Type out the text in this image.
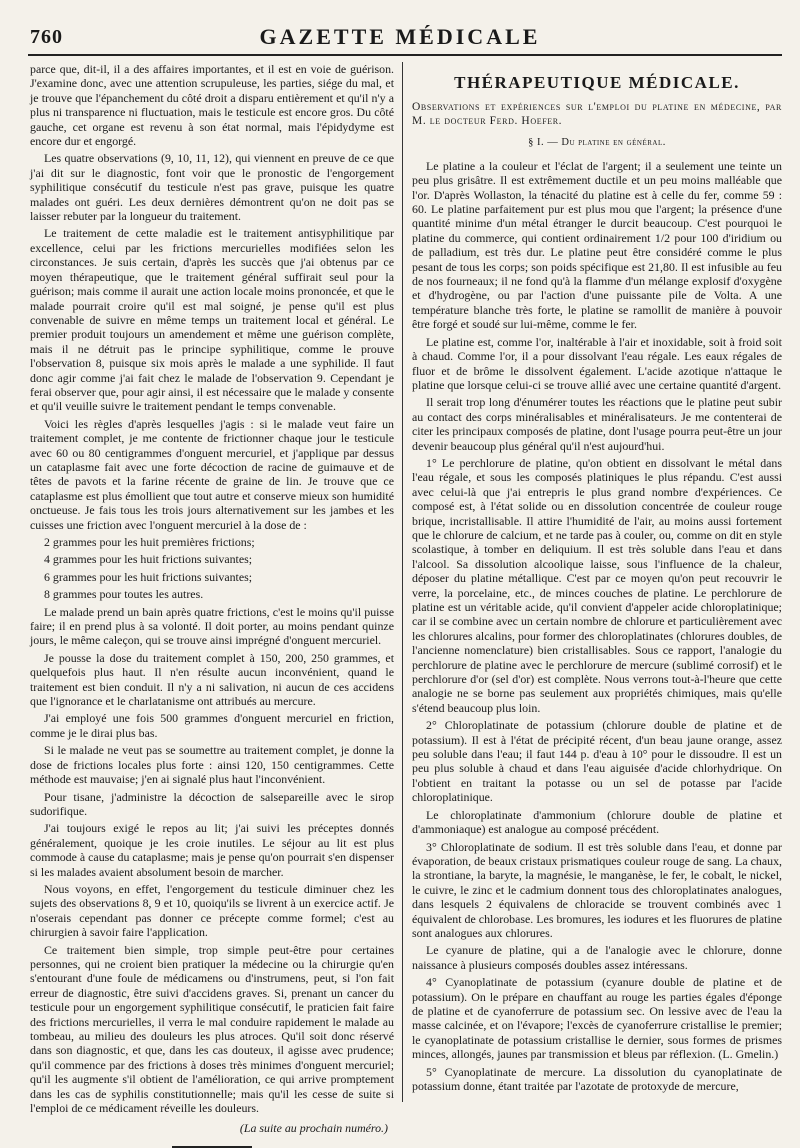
760	GAZETTE MÉDICALE

parce que, dit-il, il a des affaires importantes, et il est en voie de guérison. J'examine donc, avec une attention scrupuleuse, les parties, siége du mal, et je trouve que l'épanchement du côté droit a disparu entièrement et qu'il n'y a plus ni transparence ni fluctuation, mais le testicule est encore gros. Du côté gauche, cet organe est revenu à son état normal, mais l'épidydyme est encore dur et engorgé.

Les quatre observations (9, 10, 11, 12), qui viennent en preuve de ce que j'ai dit sur le diagnostic, font voir que le pronostic de l'engorgement syphilitique consécutif du testicule n'est pas grave, puisque les quatre malades ont guéri. Les deux dernières démontrent qu'on ne doit pas se laisser rebuter par la longueur du traitement.

Le traitement de cette maladie est le traitement antisyphilitique par excellence, celui par les frictions mercurielles modifiées selon les circonstances. Je suis certain, d'après les succès que j'ai obtenus par ce moyen thérapeutique, que le traitement général suffirait seul pour la guérison; mais comme il aurait une action locale moins prononcée, et que le malade pourrait croire qu'il est mal soigné, je pense qu'il est plus convenable de suivre en même temps un traitement local et général. Le premier produit toujours un amendement et même une guérison complète, mais il ne détruit pas le principe syphilitique, comme le prouve l'observation 8, puisque six mois après le malade a une syphilide. Il faut donc agir comme j'ai fait chez le malade de l'observation 9. Cependant je ferai observer que, pour agir ainsi, il est nécessaire que le malade y consente et qu'il veuille suivre le traitement pendant le temps convenable.

Voici les règles d'après lesquelles j'agis : si le malade veut faire un traitement complet, je me contente de frictionner chaque jour le testicule avec 60 ou 80 centigrammes d'onguent mercuriel, et j'applique par dessus un cataplasme fait avec une forte décoction de racine de guimauve et de têtes de pavots et la farine récente de graine de lin. Je trouve que ce cataplasme est plus émollient que tout autre et conserve mieux son humidité onctueuse. Je fais tous les trois jours alternativement sur les jambes et les cuisses une friction avec l'onguent mercuriel à la dose de :

2 grammes pour les huit premières frictions;

4 grammes pour les huit frictions suivantes;

6 grammes pour les huit frictions suivantes;

8 grammes pour toutes les autres.

Le malade prend un bain après quatre frictions, c'est le moins qu'il puisse faire; il en prend plus à sa volonté. Il doit porter, au moins pendant quinze jours, le même caleçon, qui se trouve ainsi imprégné d'onguent mercuriel.

Je pousse la dose du traitement complet à 150, 200, 250 grammes, et quelquefois plus haut. Il n'en résulte aucun inconvénient, quand le traitement est bien conduit. Il n'y a ni salivation, ni aucun de ces accidens que l'ignorance et le charlatanisme ont attribués au mercure.

J'ai employé une fois 500 grammes d'onguent mercuriel en friction, comme je le dirai plus bas.

Si le malade ne veut pas se soumettre au traitement complet, je donne la dose de frictions locales plus forte : ainsi 120, 150 centigrammes. Cette méthode est mauvaise; j'en ai signalé plus haut l'inconvénient.

Pour tisane, j'administre la décoction de salsepareille avec le sirop sudorifique.

J'ai toujours exigé le repos au lit; j'ai suivi les préceptes donnés généralement, quoique je les croie inutiles. Le séjour au lit est plus commode à cause du cataplasme; mais je pense qu'on pourrait s'en dispenser si les malades avaient absolument besoin de marcher.

Nous voyons, en effet, l'engorgement du testicule diminuer chez les sujets des observations 8, 9 et 10, quoiqu'ils se livrent à un exercice actif. Je n'oserais cependant pas donner ce précepte comme formel; c'est au chirurgien à savoir faire l'application.

Ce traitement bien simple, trop simple peut-être pour certaines personnes, qui ne croient bien pratiquer la médecine ou la chirurgie qu'en s'entourant d'une foule de médicamens ou d'instrumens, peut, si l'on fait erreur de diagnostic, être suivi d'accidens graves. Si, prenant un cancer du testicule pour un engorgement syphilitique consécutif, le praticien fait faire des frictions mercurielles, il verra le mal conduire rapidement le malade au tombeau, au milieu des douleurs les plus atroces. Qu'il soit donc réservé dans son diagnostic, et que, dans les cas douteux, il agisse avec prudence; qu'il commence par des frictions à doses très minimes d'onguent mercuriel; qu'il les augmente s'il obtient de l'amélioration, ce qui arrive promptement dans les cas de syphilis constitutionnelle; mais qu'il les cesse de suite si l'emploi de ce médicament réveille les douleurs.

(La suite au prochain numéro.)
THÉRAPEUTIQUE MÉDICALE.
Observations et expériences sur l'emploi du platine en médecine, par M. le docteur Ferd. Hoefer.
§ I. — Du platine en général.

Le platine a la couleur et l'éclat de l'argent; il a seulement une teinte un peu plus grisâtre. Il est extrêmement ductile et un peu moins malléable que l'or. D'après Wollaston, la ténacité du platine est à celle du fer, comme 59 : 60. Le platine parfaitement pur est plus mou que l'argent; la présence d'une quantité minime d'un métal étranger le durcit beaucoup. C'est pourquoi le platine du commerce, qui contient ordinairement 1/2 pour 100 d'iridium ou de palladium, est très dur. Le platine peut être considéré comme le plus pesant de tous les corps; son poids spécifique est 21,80. Il est infusible au feu de nos fourneaux; il ne fond qu'à la flamme d'un mélange explosif d'oxygène et d'hydrogène, ou par l'action d'une puissante pile de Volta. A une température blanche très forte, le platine se ramollit de manière à pouvoir être forgé et soudé sur lui-même, comme le fer.

Le platine est, comme l'or, inaltérable à l'air et inoxidable, soit à froid soit à chaud. Comme l'or, il a pour dissolvant l'eau régale. Les eaux régales de fluor et de brôme le dissolvent également. L'acide azotique n'attaque le platine que lorsque celui-ci se trouve allié avec une certaine quantité d'argent.

Il serait trop long d'énumérer toutes les réactions que le platine peut subir au contact des corps minéralisables et minéralisateurs. Je me contenterai de citer les principaux composés de platine, dont l'usage pourra peut-être un jour devenir beaucoup plus général qu'il n'est aujourd'hui.

1° Le perchlorure de platine, qu'on obtient en dissolvant le métal dans l'eau régale, et sous les composés platiniques le plus répandu. C'est aussi avec celui-là que j'ai entrepris le plus grand nombre d'expériences. Ce composé est, à l'état solide ou en dissolution concentrée de couleur rouge brique, incristallisable. Il attire l'humidité de l'air, au moins aussi fortement que le chlorure de calcium, et ne tarde pas à couler, ou, comme on dit en style scolastique, à tomber en deliquium. Il est très soluble dans l'eau et dans l'alcool. Sa dissolution alcoolique laisse, sous l'influence de la chaleur, déposer du platine métallique. C'est par ce moyen qu'on peut recouvrir le verre, la porcelaine, etc., de minces couches de platine. Le perchlorure de platine est un véritable acide, qu'il convient d'appeler acide chloroplatinique; car il se combine avec un certain nombre de chlorure et particulièrement avec les chlorures alcalins, pour former des chloroplatinates (chlorures doubles, de l'ancienne nomenclature) bien cristallisables. Sous ce rapport, l'analogie du perchlorure de platine avec le perchlorure de mercure (sublimé corrosif) et le perchlorure d'or (sel d'or) est complète. Nous verrons tout-à-l'heure que cette analogie ne se borne pas seulement aux propriétés chimiques, mais qu'elle s'étend beaucoup plus loin.

2° Chloroplatinate de potassium (chlorure double de platine et de potassium). Il est à l'état de précipité récent, d'un beau jaune orange, assez peu soluble dans l'eau; il faut 144 p. d'eau à 10° pour le dissoudre. Il est un peu plus soluble à chaud et dans l'eau aiguisée d'acide chlorhydrique. On l'obtient en traitant la potasse ou un sel de potasse par l'acide chloroplatinique.

Le chloroplatinate d'ammonium (chlorure double de platine et d'ammoniaque) est analogue au composé précédent.

3° Chloroplatinate de sodium. Il est très soluble dans l'eau, et donne par évaporation, de beaux cristaux prismatiques couleur rouge de sang. La chaux, la strontiane, la baryte, la magnésie, le manganèse, le fer, le cobalt, le nickel, le cuivre, le zinc et le cadmium donnent tous des chloroplatinates analogues, dans lesquels 2 équivalens de chloracide se trouvent combinés avec 1 équivalent de chlorobase. Les bromures, les iodures et les fluorures de platine sont analogues aux chlorures.

Le cyanure de platine, qui a de l'analogie avec le chlorure, donne naissance à plusieurs composés doubles assez intéressans.

4° Cyanoplatinate de potassium (cyanure double de platine et de potassium). On le prépare en chauffant au rouge les parties égales d'éponge de platine et de cyanoferrure de potassium sec. On lessive avec de l'eau la masse calcinée, et on l'évapore; l'excès de cyanoferrure cristallise le premier; le cyanoplatinate de potassium cristallise le dernier, sous formes de prismes minces, allongés, jaunes par transmission et bleus par réflexion. (L. Gmelin.)

5° Cyanoplatinate de mercure. La dissolution du cyanoplatinate de potassium donne, étant traitée par l'azotate de protoxyde de mercure,
